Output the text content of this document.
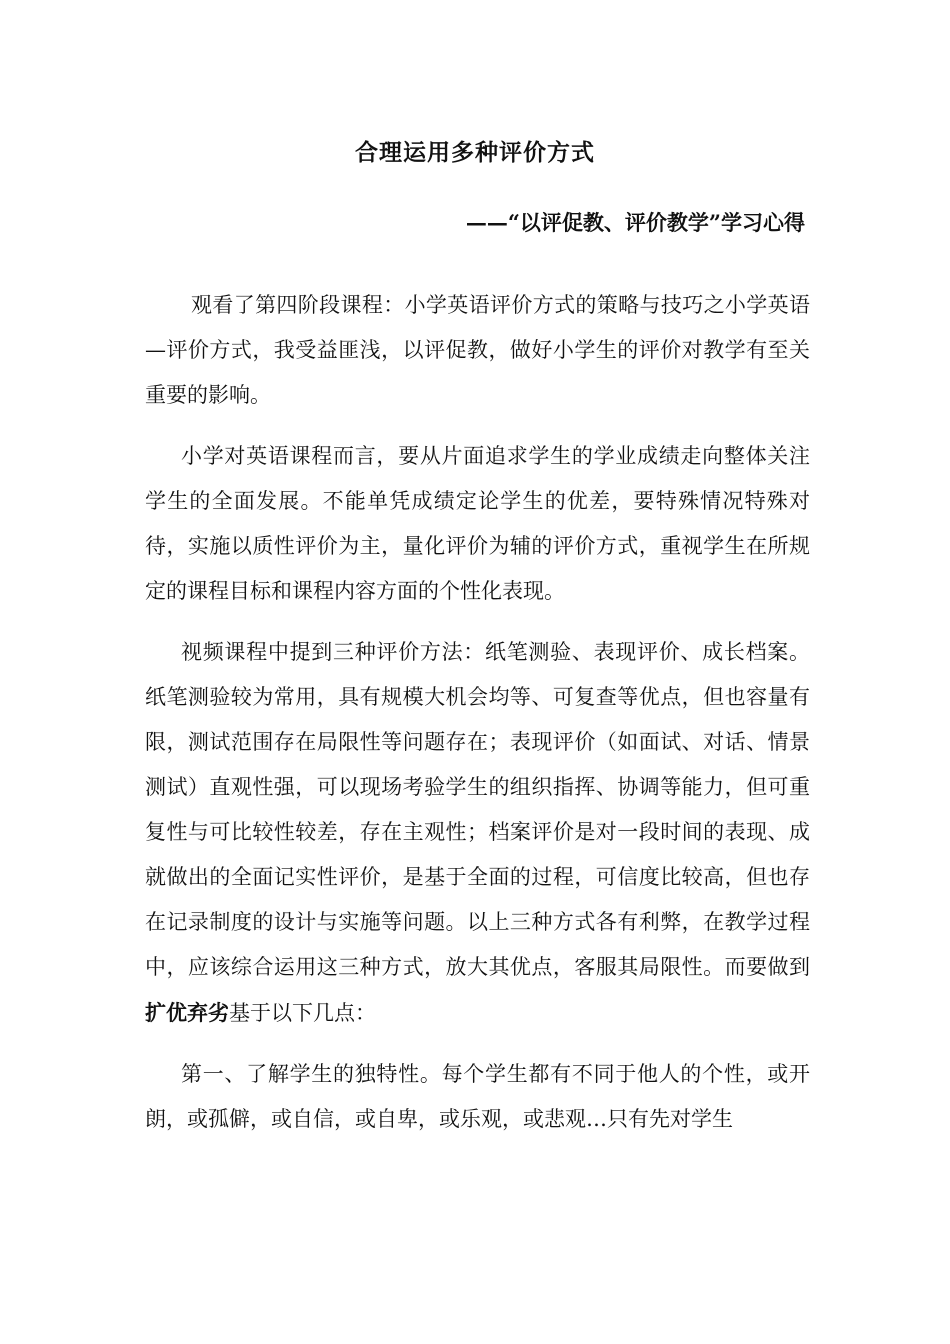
合理运用多种评价方式

——“以评促教、评价教学”学习心得

观看了第四阶段课程：小学英语评价方式的策略与技巧之小学英语—评价方式，我受益匪浅，以评促教，做好小学生的评价对教学有至关重要的影响。

小学对英语课程而言，要从片面追求学生的学业成绩走向整体关注学生的全面发展。不能单凭成绩定论学生的优差，要特殊情况特殊对待，实施以质性评价为主，量化评价为辅的评价方式，重视学生在所规定的课程目标和课程内容方面的个性化表现。

视频课程中提到三种评价方法：纸笔测验、表现评价、成长档案。纸笔测验较为常用，具有规模大机会均等、可复查等优点，但也容量有限，测试范围存在局限性等问题存在；表现评价（如面试、对话、情景测试）直观性强，可以现场考验学生的组织指挥、协调等能力，但可重复性与可比较性较差，存在主观性；档案评价是对一段时间的表现、成就做出的全面记实性评价，是基于全面的过程，可信度比较高，但也存在记录制度的设计与实施等问题。以上三种方式各有利弊，在教学过程中，应该综合运用这三种方式，放大其优点，客服其局限性。而要做到扩优弃劣基于以下几点：

第一、了解学生的独特性。每个学生都有不同于他人的个性，或开朗，或孤僻，或自信，或自卑，或乐观，或悲观…只有先对学生
